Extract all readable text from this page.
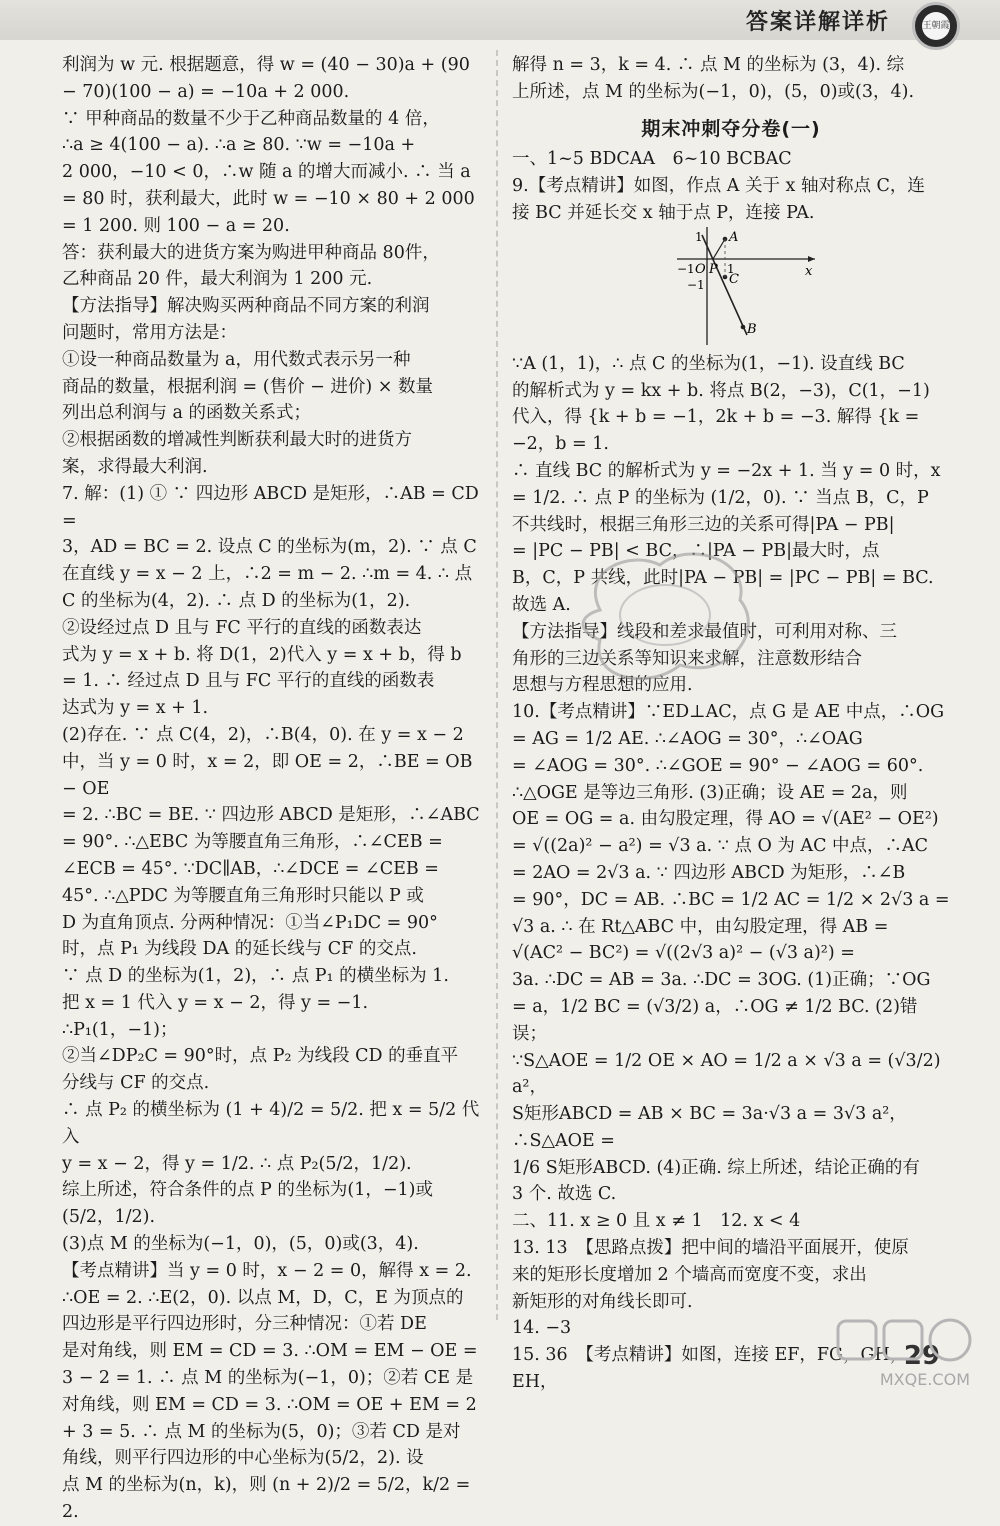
答案详解详析	王朝霞
利润为 w 元. 根据题意，得 w = (40 − 30)a + (90
− 70)(100 − a) = −10a + 2 000.
∵ 甲种商品的数量不少于乙种商品数量的 4 倍，
∴a ≥ 4(100 − a). ∴a ≥ 80. ∵w = −10a +
2 000，−10 < 0，∴w 随 a 的增大而减小. ∴ 当 a
= 80 时，获利最大，此时 w = −10 × 80 + 2 000
= 1 200. 则 100 − a = 20.
答：获利最大的进货方案为购进甲种商品 80件，
乙种商品 20 件，最大利润为 1 200 元.
【方法指导】解决购买两种商品不同方案的利润
问题时，常用方法是：
①设一种商品数量为 a，用代数式表示另一种
商品的数量，根据利润 = (售价 − 进价) × 数量
列出总利润与 a 的函数关系式；
②根据函数的增减性判断获利最大时的进货方
案，求得最大利润.
7. 解：(1) ① ∵ 四边形 ABCD 是矩形，∴AB = CD =
3，AD = BC = 2. 设点 C 的坐标为(m，2). ∵ 点 C
在直线 y = x − 2 上，∴2 = m − 2. ∴m = 4. ∴ 点
C 的坐标为(4，2). ∴ 点 D 的坐标为(1，2).
②设经过点 D 且与 FC 平行的直线的函数表达
式为 y = x + b. 将 D(1，2)代入 y = x + b，得 b
= 1. ∴ 经过点 D 且与 FC 平行的直线的函数表
达式为 y = x + 1.
(2)存在. ∵ 点 C(4，2)，∴B(4，0). 在 y = x − 2
中，当 y = 0 时，x = 2，即 OE = 2，∴BE = OB − OE
= 2. ∴BC = BE. ∵ 四边形 ABCD 是矩形，∴∠ABC
= 90°. ∴△EBC 为等腰直角三角形，∴∠CEB =
∠ECB = 45°. ∵DC∥AB，∴∠DCE = ∠CEB =
45°. ∴△PDC 为等腰直角三角形时只能以 P 或
D 为直角顶点. 分两种情况：①当∠P₁DC = 90°
时，点 P₁ 为线段 DA 的延长线与 CF 的交点.
∵ 点 D 的坐标为(1，2)，∴ 点 P₁ 的横坐标为 1.
把 x = 1 代入 y = x − 2，得 y = −1. ∴P₁(1，−1)；
②当∠DP₂C = 90°时，点 P₂ 为线段 CD 的垂直平
分线与 CF 的交点.
∴ 点 P₂ 的横坐标为 (1 + 4)/2 = 5/2. 把 x = 5/2 代入
y = x − 2，得 y = 1/2. ∴ 点 P₂(5/2，1/2).
综上所述，符合条件的点 P 的坐标为(1，−1)或
(5/2，1/2).
(3)点 M 的坐标为(−1，0)，(5，0)或(3，4).
【考点精讲】当 y = 0 时，x − 2 = 0，解得 x = 2.
∴OE = 2. ∴E(2，0). 以点 M，D，C，E 为顶点的
四边形是平行四边形时，分三种情况：①若 DE
是对角线，则 EM = CD = 3. ∴OM = EM − OE =
3 − 2 = 1. ∴ 点 M 的坐标为(−1，0)；②若 CE 是
对角线，则 EM = CD = 3. ∴OM = OE + EM = 2
+ 3 = 5. ∴ 点 M 的坐标为(5，0)；③若 CD 是对
角线，则平行四边形的中心坐标为(5/2，2). 设
点 M 的坐标为(n，k)，则 (n + 2)/2 = 5/2，k/2 = 2.
解得 n = 3，k = 4. ∴ 点 M 的坐标为 (3，4). 综
上所述，点 M 的坐标为(−1，0)，(5，0)或(3，4).
期末冲刺夺分卷(一)
一、1~5 BDCAA　6~10 BCBAC
9.【考点精讲】如图，作点 A 关于 x 轴对称点 C，连
接 BC 并延长交 x 轴于点 P，连接 PA.
A
C
B
P
O	x
1
−1
−1
1
∵A (1，1)，∴ 点 C 的坐标为(1，−1). 设直线 BC
的解析式为 y = kx + b. 将点 B(2，−3)，C(1，−1)
代入，得 {k + b = −1，2k + b = −3. 解得 {k = −2，b = 1.
∴ 直线 BC 的解析式为 y = −2x + 1. 当 y = 0 时，x
= 1/2. ∴ 点 P 的坐标为 (1/2，0). ∵ 当点 B，C，P
不共线时，根据三角形三边的关系可得|PA − PB|
= |PC − PB| < BC，∴|PA − PB|最大时，点
B，C，P 共线，此时|PA − PB| = |PC − PB| = BC.
故选 A.
【方法指导】线段和差求最值时，可利用对称、三
角形的三边关系等知识来求解，注意数形结合
思想与方程思想的应用.
10.【考点精讲】∵ED⊥AC，点 G 是 AE 中点，∴OG
= AG = 1/2 AE. ∴∠AOG = 30°，∴∠OAG
= ∠AOG = 30°. ∴∠GOE = 90° − ∠AOG = 60°.
∴△OGE 是等边三角形. (3)正确；设 AE = 2a，则
OE = OG = a. 由勾股定理，得 AO = √(AE² − OE²)
= √((2a)² − a²) = √3 a. ∵ 点 O 为 AC 中点，∴AC
= 2AO = 2√3 a. ∵ 四边形 ABCD 为矩形，∴∠B
= 90°，DC = AB. ∴BC = 1/2 AC = 1/2 × 2√3 a =
√3 a. ∴ 在 Rt△ABC 中，由勾股定理，得 AB =
√(AC² − BC²) = √((2√3 a)² − (√3 a)²) =
3a. ∴DC = AB = 3a. ∴DC = 3OG. (1)正确；∵OG
= a，1/2 BC = (√3/2) a，∴OG ≠ 1/2 BC. (2)错误；
∵S△AOE = 1/2 OE × AO = 1/2 a × √3 a = (√3/2) a²，
S矩形ABCD = AB × BC = 3a·√3 a = 3√3 a²，∴S△AOE =
1/6 S矩形ABCD. (4)正确. 综上所述，结论正确的有
3 个. 故选 C.
二、11. x ≥ 0 且 x ≠ 1　12. x < 4
13. 13　【思路点拨】把中间的墙沿平面展开，使原
来的矩形长度增加 2 个墙高而宽度不变，求出
新矩形的对角线长即可.
14. −3
15. 36　【考点精讲】如图，连接 EF，FG，GH，EH，
29
MXQE.COM
